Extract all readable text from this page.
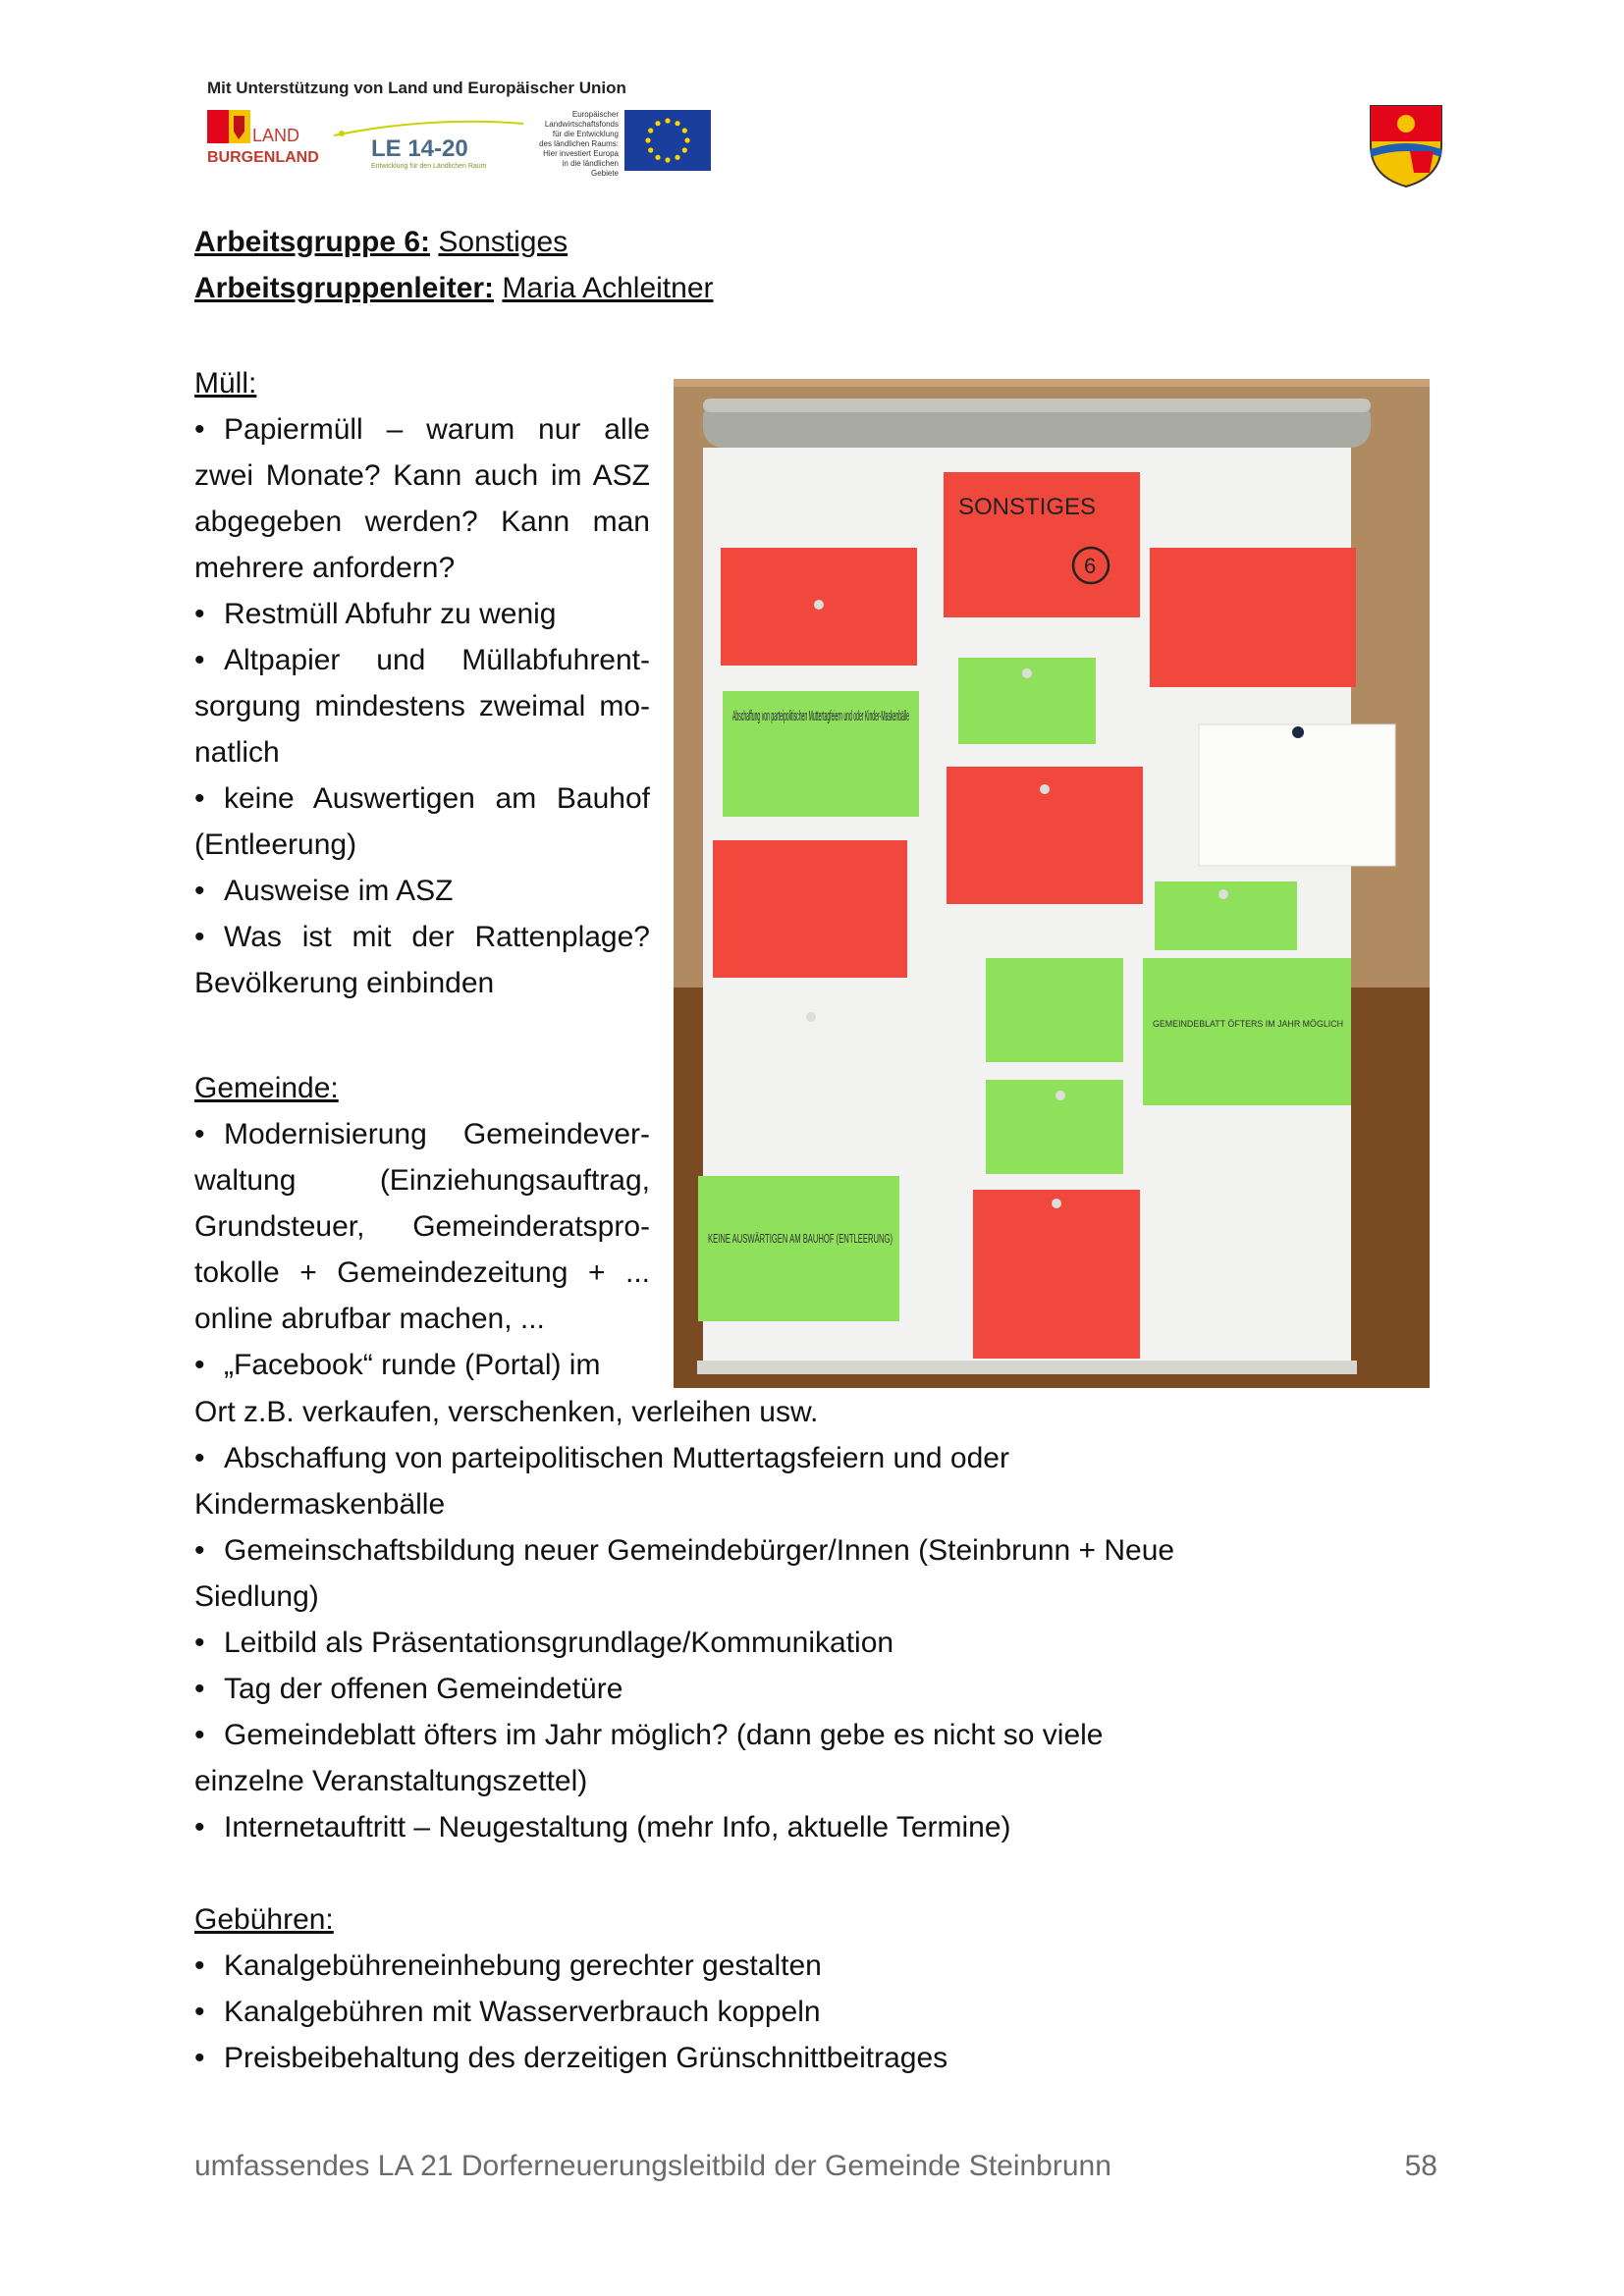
Mit Unterstützung von Land und Europäischer Union
LAND
BURGENLAND LE 14-20
Entwicklung für den Ländlichen Raum
Europäischer Landwirtschaftsfonds für die Entwicklung des ländlichen Raums: Hier investiert Europa in die ländlichen Gebiete
Arbeitsgruppe 6: Sonstiges
Arbeitsgruppenleiter: Maria Achleitner
Müll:
• Papiermüll – warum nur alle zwei Monate? Kann auch im ASZ abgegeben werden? Kann man mehrere anfordern?
• Restmüll Abfuhr zu wenig
• Altpapier und Müllabfuhrent-sorgung mindestens zweimal mo-natlich
• keine Auswertigen am Bauhof (Entleerung)
• Ausweise im ASZ
• Was ist mit der Rattenplage? Bevölkerung einbinden
Gemeinde:
• Modernisierung Gemeindever-waltung (Einziehungsauftrag, Grundsteuer, Gemeinderatspro-tokolle + Gemeindezeitung + ... online abrufbar machen, ...
• „Facebook“ runde (Portal) im
Ort z.B. verkaufen, verschenken, verleihen usw.
• Abschaffung von parteipolitischen Muttertagsfeiern und oder Kindermaskenbälle
• Gemeinschaftsbildung neuer Gemeindebürger/Innen (Steinbrunn + Neue Siedlung)
• Leitbild als Präsentationsgrundlage/Kommunikation
• Tag der offenen Gemeindetüre
• Gemeindeblatt öfters im Jahr möglich? (dann gebe es nicht so viele einzelne Veranstaltungszettel)
• Internetauftritt – Neugestaltung (mehr Info, aktuelle Termine)
Gebühren:
• Kanalgebühreneinhebung gerechter gestalten
• Kanalgebühren mit Wasserverbrauch koppeln
• Preisbeibehaltung des derzeitigen Grünschnittbeitrages
SONSTIGES
6
Abschaffung von parteipolitischen Muttertagfeiern und oder Kinder-Maskenbälle
KEINE AUSWÄRTIGEN AM BAUHOF (ENTLEERUNG)
GEMEINDEBLATT ÖFTERS IM JAHR MÖGLICH
umfassendes LA 21 Dorferneuerungsleitbild der Gemeinde Steinbrunn	58
